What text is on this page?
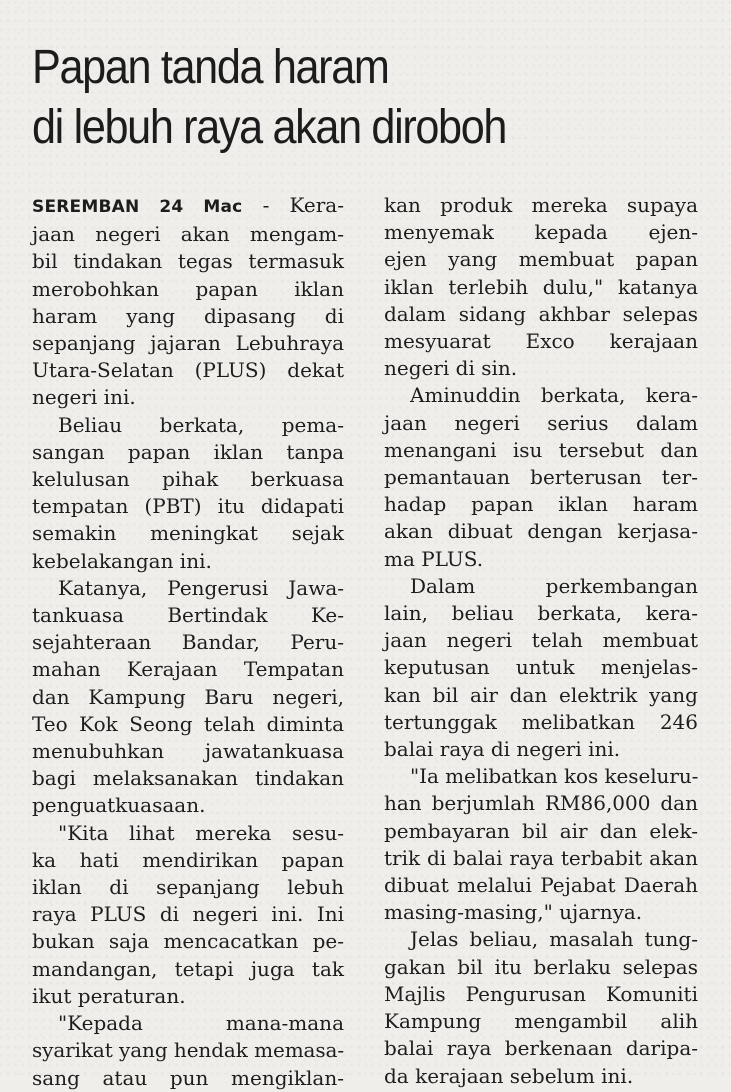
Papan tanda haram
di lebuh raya akan diroboh
SEREMBAN 24 Mac - Kera-
jaan negeri akan mengam-
bil tindakan tegas termasuk
merobohkan papan iklan
haram yang dipasang di
sepanjang jajaran Lebuhraya
Utara-Selatan (PLUS) dekat
negeri ini.
Beliau berkata, pema-
sangan papan iklan tanpa
kelulusan pihak berkuasa
tempatan (PBT) itu didapati
semakin meningkat sejak
kebelakangan ini.
Katanya, Pengerusi Jawa-
tankuasa Bertindak Ke-
sejahteraan Bandar, Peru-
mahan Kerajaan Tempatan
dan Kampung Baru negeri,
Teo Kok Seong telah diminta
menubuhkan jawatankuasa
bagi melaksanakan tindakan
penguatkuasaan.
"Kita lihat mereka sesu-
ka hati mendirikan papan
iklan di sepanjang lebuh
raya PLUS di negeri ini. Ini
bukan saja mencacatkan pe-
mandangan, tetapi juga tak
ikut peraturan.
"Kepada mana-mana
syarikat yang hendak memasa-
sang atau pun mengiklan-
kan produk mereka supaya
menyemak kepada ejen-
ejen yang membuat papan
iklan terlebih dulu," katanya
dalam sidang akhbar selepas
mesyuarat Exco kerajaan
negeri di sin.
Aminuddin berkata, kera-
jaan negeri serius dalam
menangani isu tersebut dan
pemantauan berterusan ter-
hadap papan iklan haram
akan dibuat dengan kerjasa-
ma PLUS.
Dalam perkembangan
lain, beliau berkata, kera-
jaan negeri telah membuat
keputusan untuk menjelas-
kan bil air dan elektrik yang
tertunggak melibatkan 246
balai raya di negeri ini.
"Ia melibatkan kos keseluru-
han berjumlah RM86,000 dan
pembayaran bil air dan elek-
trik di balai raya terbabit akan
dibuat melalui Pejabat Daerah
masing-masing," ujarnya.
Jelas beliau, masalah tung-
gakan bil itu berlaku selepas
Majlis Pengurusan Komuniti
Kampung mengambil alih
balai raya berkenaan daripa-
da kerajaan sebelum ini.
